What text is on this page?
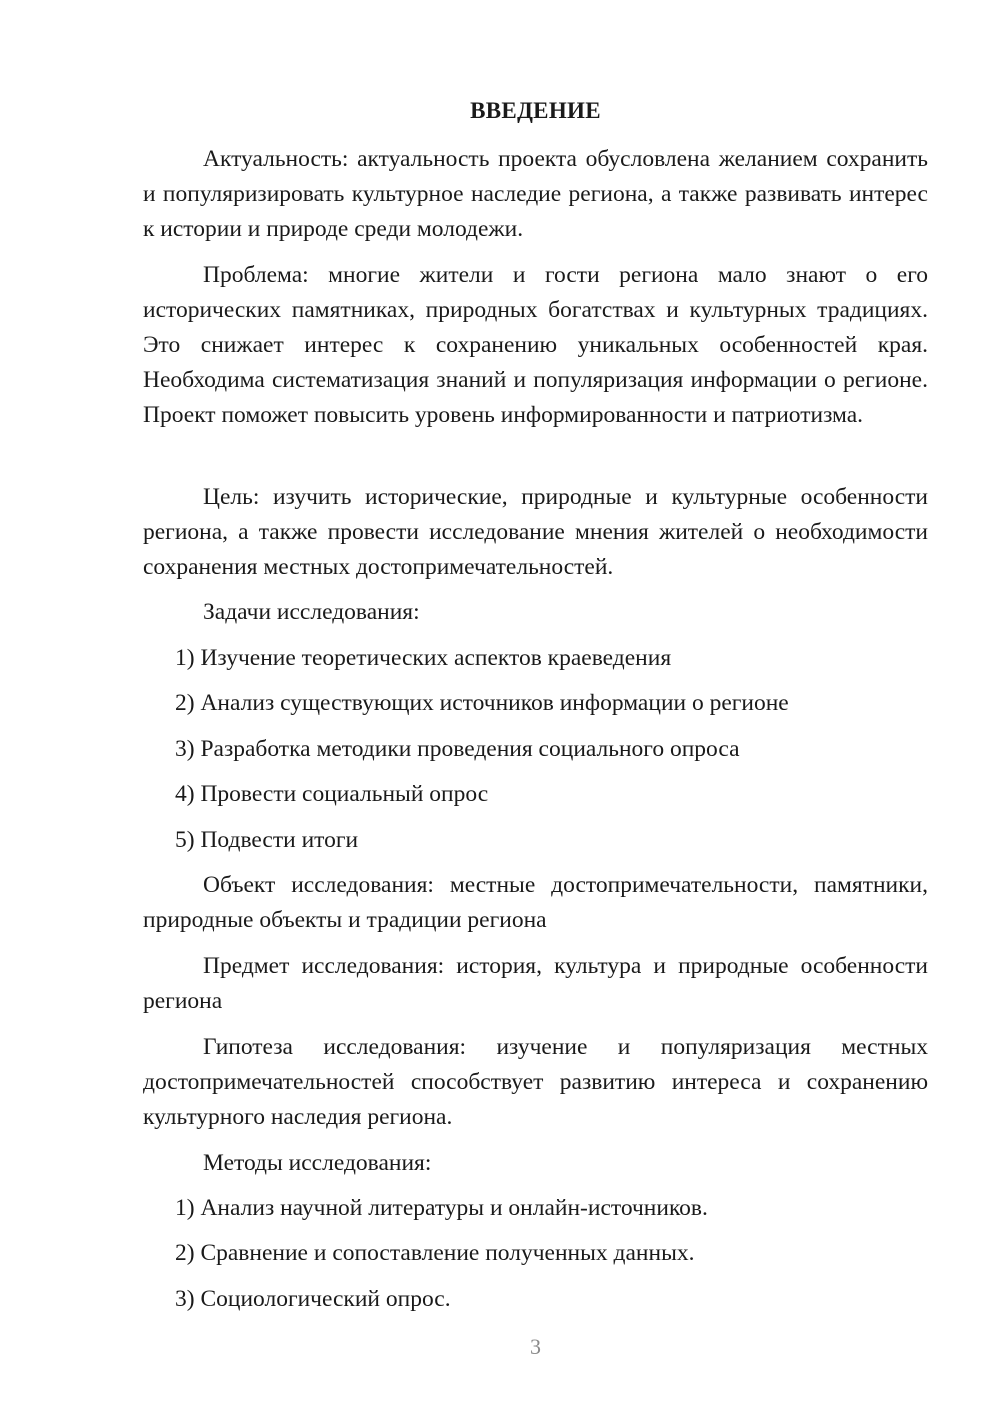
ВВЕДЕНИЕ

Актуальность: актуальность проекта обусловлена желанием сохранить и популяризировать культурное наследие региона, а также развивать интерес к истории и природе среди молодежи.

Проблема: многие жители и гости региона мало знают о его исторических памятниках, природных богатствах и культурных традициях. Это снижает интерес к сохранению уникальных особенностей края. Необходима систематизация знаний и популяризация информации о регионе. Проект поможет повысить уровень информированности и патриотизма.

Цель: изучить исторические, природные и культурные особенности региона, а также провести исследование мнения жителей о необходимости сохранения местных достопримечательностей.

Задачи исследования:

1) Изучение теоретических аспектов краеведения

2) Анализ существующих источников информации о регионе

3) Разработка методики проведения социального опроса

4) Провести социальный опрос

5) Подвести итоги

Объект исследования: местные достопримечательности, памятники, природные объекты и традиции региона

Предмет исследования: история, культура и природные особенности региона

Гипотеза исследования: изучение и популяризация местных достопримечательностей способствует развитию интереса и сохранению культурного наследия региона.

Методы исследования:

1) Анализ научной литературы и онлайн-источников.

2) Сравнение и сопоставление полученных данных.

3) Социологический опрос.

3
